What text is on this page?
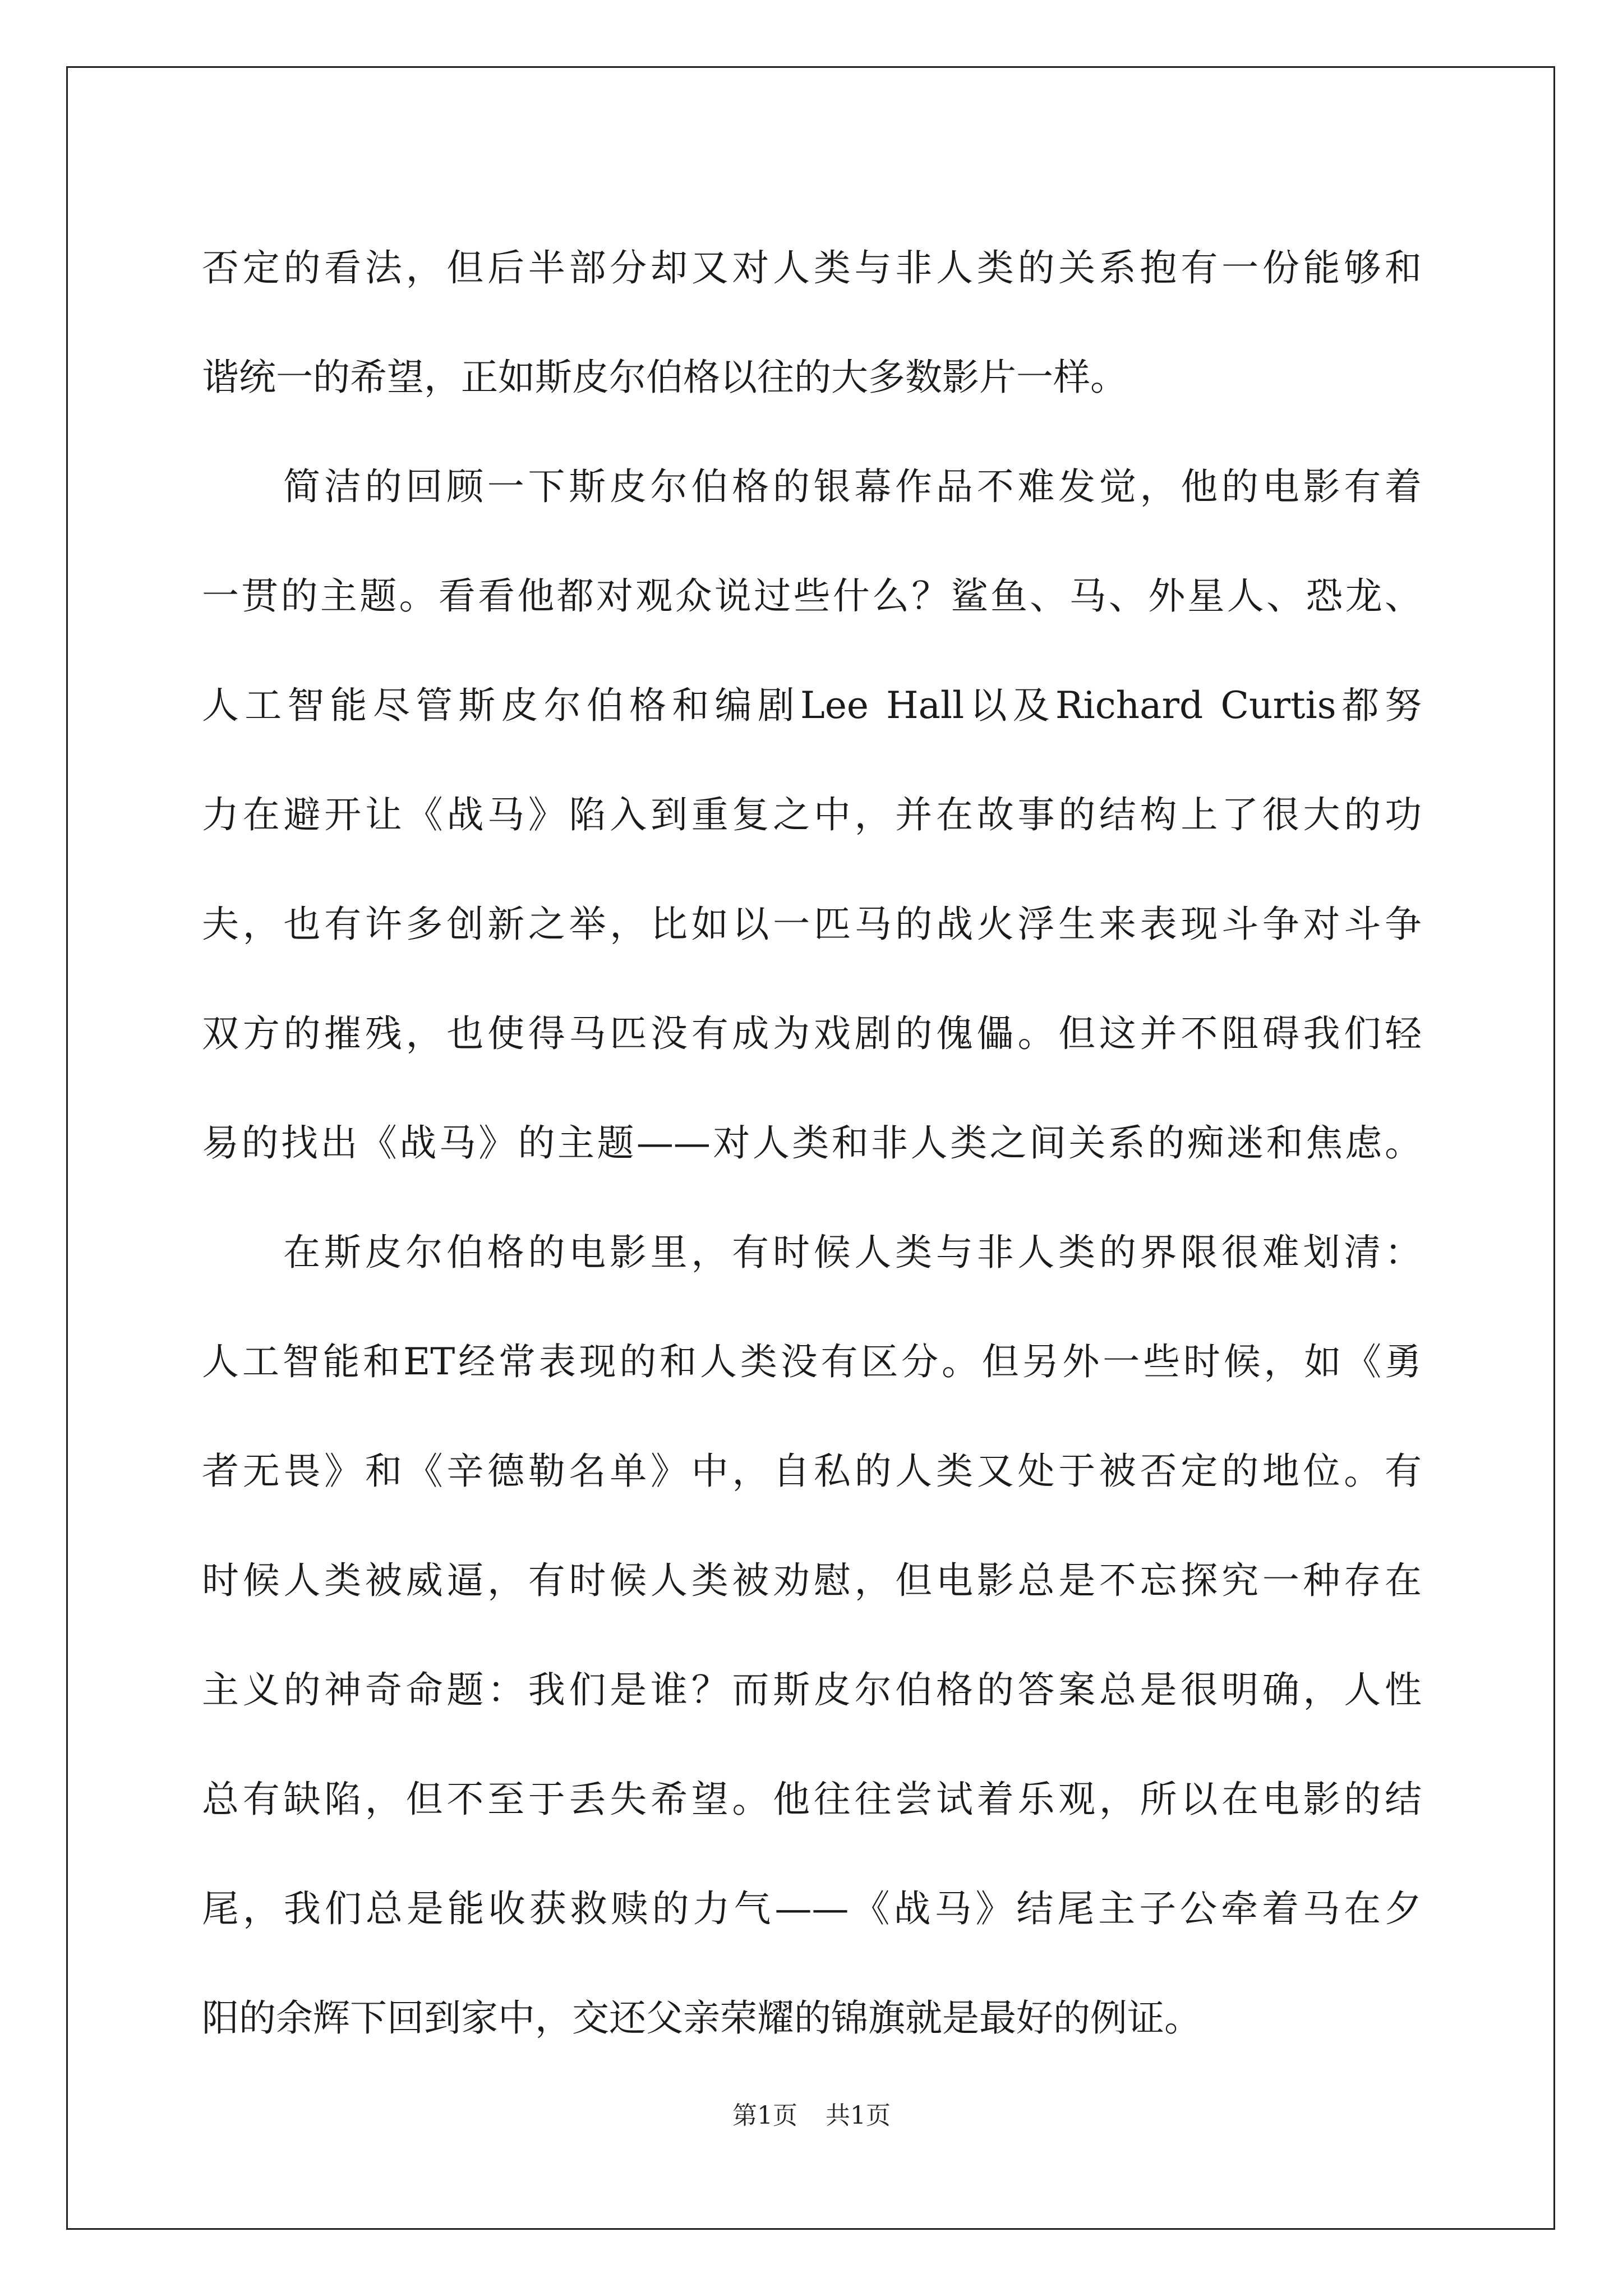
否定的看法，但后半部分却又对人类与非人类的关系抱有一份能够和
谐统一的希望，正如斯皮尔伯格以往的大多数影片一样。
简洁的回顾一下斯皮尔伯格的银幕作品不难发觉，他的电影有着
一贯的主题。看看他都对观众说过些什么？鲨鱼、马、外星人、恐龙、
人工智能尽管斯皮尔伯格和编剧Lee Hall以及Richard Curtis都努
力在避开让《战马》陷入到重复之中，并在故事的结构上了很大的功
夫，也有许多创新之举，比如以一匹马的战火浮生来表现斗争对斗争
双方的摧残，也使得马匹没有成为戏剧的傀儡。但这并不阻碍我们轻
易的找出《战马》的主题——对人类和非人类之间关系的痴迷和焦虑。
在斯皮尔伯格的电影里，有时候人类与非人类的界限很难划清：
人工智能和ET经常表现的和人类没有区分。但另外一些时候，如《勇
者无畏》和《辛德勒名单》中，自私的人类又处于被否定的地位。有
时候人类被威逼，有时候人类被劝慰，但电影总是不忘探究一种存在
主义的神奇命题：我们是谁？而斯皮尔伯格的答案总是很明确，人性
总有缺陷，但不至于丢失希望。他往往尝试着乐观，所以在电影的结
尾，我们总是能收获救赎的力气——《战马》结尾主子公牵着马在夕
阳的余辉下回到家中，交还父亲荣耀的锦旗就是最好的例证。
第1页 共1页
